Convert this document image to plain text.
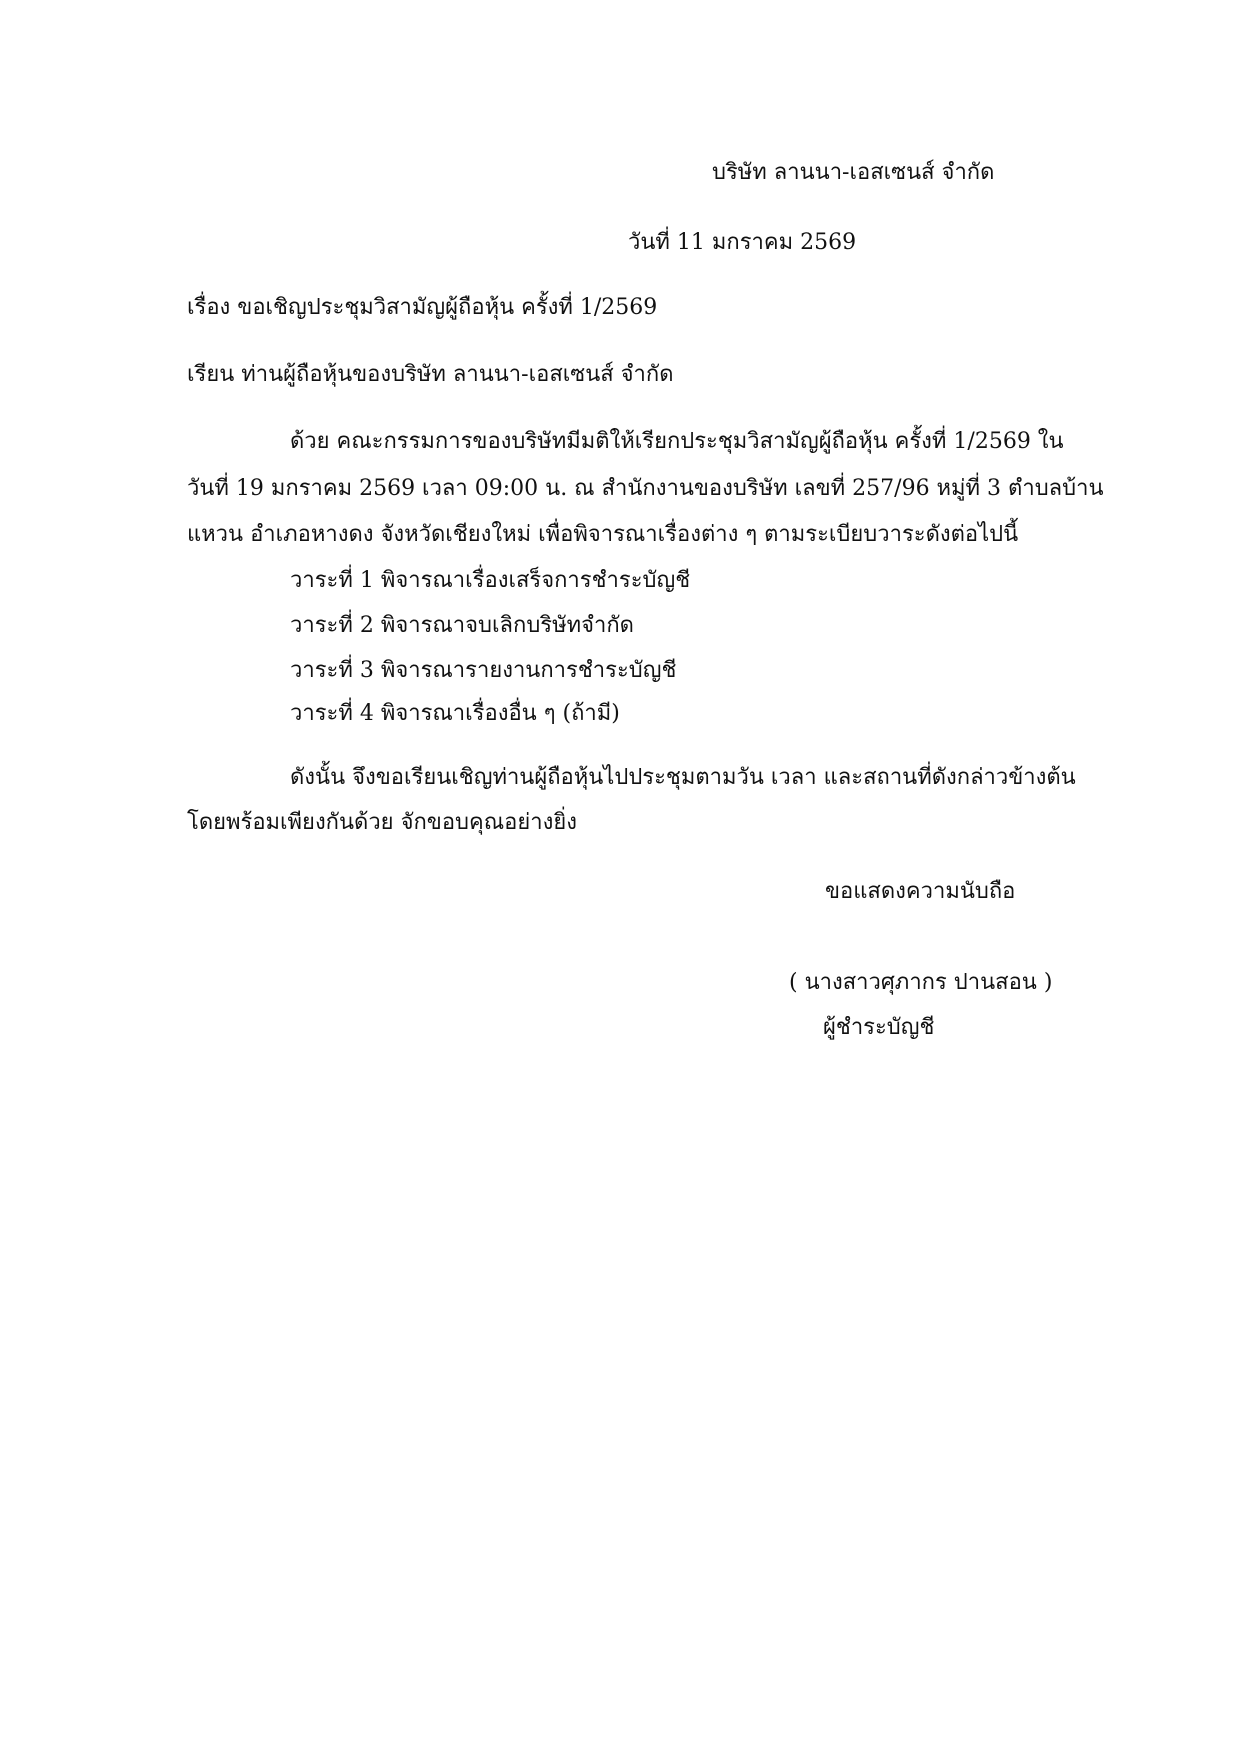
บริษัท ลานนา-เอสเซนส์ จำกัด
วันที่ 11 มกราคม 2569
เรื่อง ขอเชิญประชุมวิสามัญผู้ถือหุ้น ครั้งที่ 1/2569
เรียน ท่านผู้ถือหุ้นของบริษัท ลานนา-เอสเซนส์ จำกัด
ด้วย คณะกรรมการของบริษัทมีมติให้เรียกประชุมวิสามัญผู้ถือหุ้น ครั้งที่ 1/2569 ใน
วันที่ 19 มกราคม 2569 เวลา 09:00 น. ณ สำนักงานของบริษัท เลขที่ 257/96 หมู่ที่ 3 ตำบลบ้าน
แหวน อำเภอหางดง จังหวัดเชียงใหม่ เพื่อพิจารณาเรื่องต่าง ๆ ตามระเบียบวาระดังต่อไปนี้
วาระที่ 1 พิจารณาเรื่องเสร็จการชำระบัญชี
วาระที่ 2 พิจารณาจบเลิกบริษัทจำกัด
วาระที่ 3 พิจารณารายงานการชำระบัญชี
วาระที่ 4 พิจารณาเรื่องอื่น ๆ (ถ้ามี)
ดังนั้น จึงขอเรียนเชิญท่านผู้ถือหุ้นไปประชุมตามวัน เวลา และสถานที่ดังกล่าวข้างต้น
โดยพร้อมเพียงกันด้วย จักขอบคุณอย่างยิ่ง
ขอแสดงความนับถือ
( นางสาวศุภากร ปานสอน )
ผู้ชำระบัญชี
